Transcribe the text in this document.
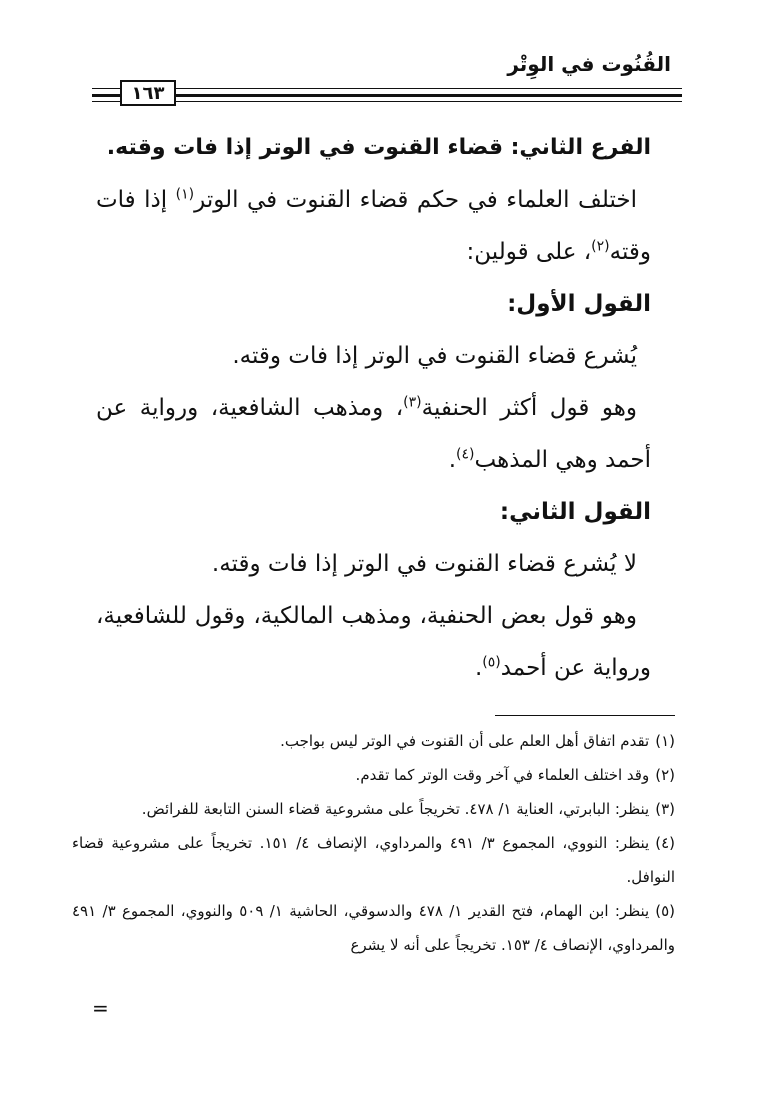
القُنُوت في الوِتْر
١٦٣

الفرع الثاني: قضاء القنوت في الوتر إذا فات وقته.

اختلف العلماء في حكم قضاء القنوت في الوتر$^{(١)}$ إذا فات وقته$^{(٢)}$، على قولين:

القول الأول:

يُشرع قضاء القنوت في الوتر إذا فات وقته.

وهو قول أكثر الحنفية$^{(٣)}$، ومذهب الشافعية، ورواية عن أحمد وهي المذهب$^{(٤)}$.

القول الثاني:

لا يُشرع قضاء القنوت في الوتر إذا فات وقته.

وهو قول بعض الحنفية، ومذهب المالكية، وقول للشافعية، ورواية عن أحمد$^{(٥)}$.

(١)تقدم اتفاق أهل العلم على أن القنوت في الوتر ليس بواجب.

(٢)وقد اختلف العلماء في آخر وقت الوتر كما تقدم.

(٣)ينظر: البابرتي، العناية ١/ ٤٧٨. تخريجاً على مشروعية قضاء السنن التابعة للفرائض.

(٤)ينظر: النووي، المجموع ٣/ ٤٩١ والمرداوي، الإنصاف ٤/ ١٥١. تخريجاً على مشروعية قضاء النوافل.

(٥)ينظر: ابن الهمام، فتح القدير ١/ ٤٧٨ والدسوقي، الحاشية ١/ ٥٠٩ والنووي، المجموع ٣/ ٤٩١ والمرداوي، الإنصاف ٤/ ١٥٣. تخريجاً على أنه لا يشرع

=
